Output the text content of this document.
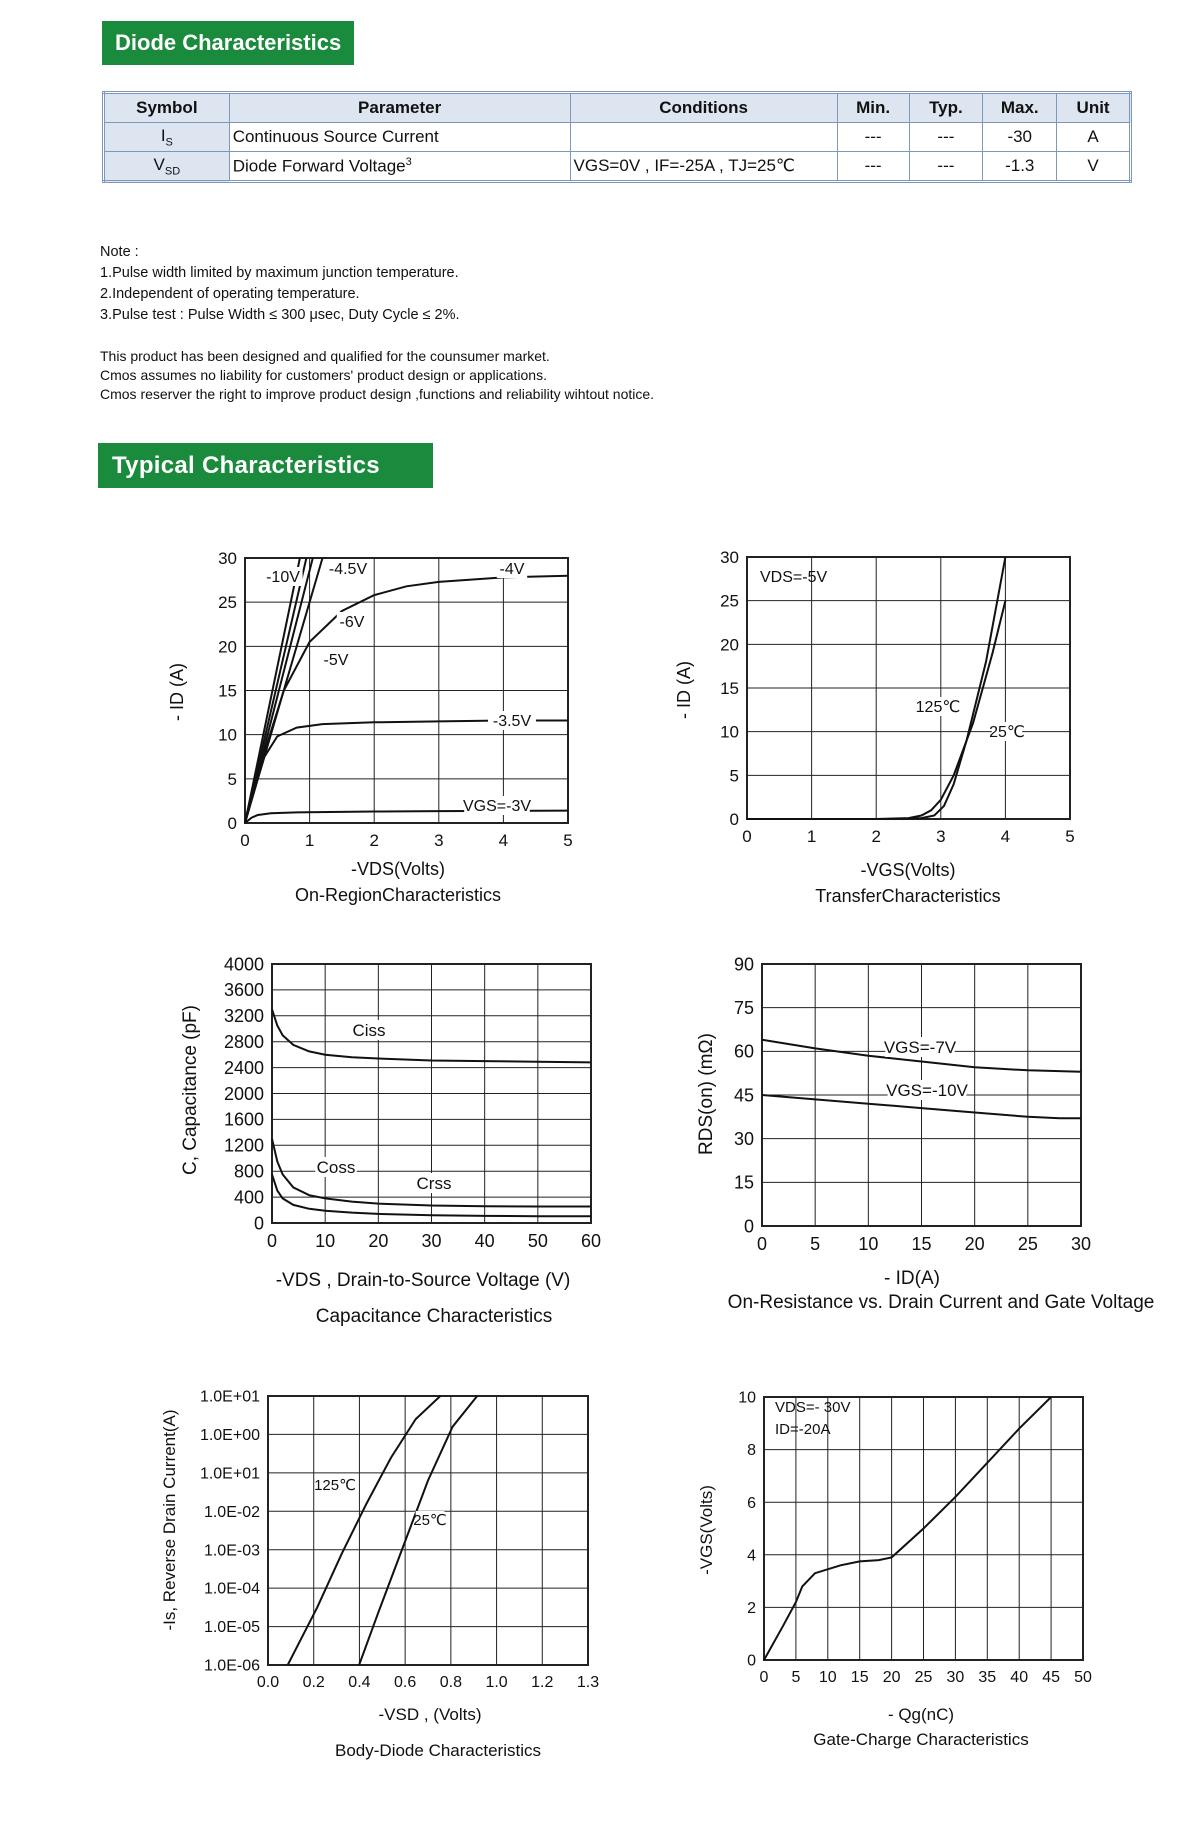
Diode Characteristics
Symbol	Parameter	Conditions	Min.	Typ.	Max.	Unit
$I_S$	Continuous Source Current		---	---	-30	A
$V_{SD}$	Diode Forward Voltage$^3$	VGS=0V , IF=-25A , TJ=25℃	---	---	-1.3	V
Note :
1.Pulse width limited by maximum junction temperature.
2.Independent of operating temperature.
3.Pulse test : Pulse Width ≤ 300 μsec, Duty Cycle ≤ 2%.
This product has been designed and qualified for the counsumer market.
Cmos assumes no liability for customers' product design or applications.
Cmos reserver the right to improve product design ,functions and reliability wihtout notice.
Typical Characteristics
0	1	2	3	4	5
0
5
10
15
20
25
30
-10V -4.5V	-4V
-6V
-5V
-3.5V
VGS=-3V
-VDS(Volts)
- ID (A)
On-RegionCharacteristics
0	1	2	3	4	5
0
5
10
15
20
25
30
125℃
25℃
VDS=-5V
-VGS(Volts)
- ID (A)
TransferCharacteristics
0 10 20 30 40 50 60
0
400
800
1200
1600
2000
2400
2800
3200
3600
4000
Ciss
Coss
Crss
-VDS , Drain-to-Source Voltage (V)
C, Capacitance (pF)
Capacitance Characteristics
0 5 10 15 20 25 30
0
15
30
45
60
75
90
VGS=-7V
VGS=-10V
- ID(A)
RDS(on) (mΩ)
On-Resistance vs. Drain Current and Gate Voltage
0.0 0.2 0.4 0.6 0.8 1.0 1.2 1.3
1.0E-06
1.0E-05
1.0E-04
1.0E-03
1.0E-02
1.0E+01
1.0E+00
1.0E+01
125℃
25℃
-VSD , (Volts)
-Is, Reverse Drain Current(A)
Body-Diode Characteristics
0 5 10 15 20 25 30 35 40 45 50
0
2
4
6
8
10
VDS=- 30V
ID=-20A
- Qg(nC)
-VGS(Volts)
Gate-Charge Characteristics
